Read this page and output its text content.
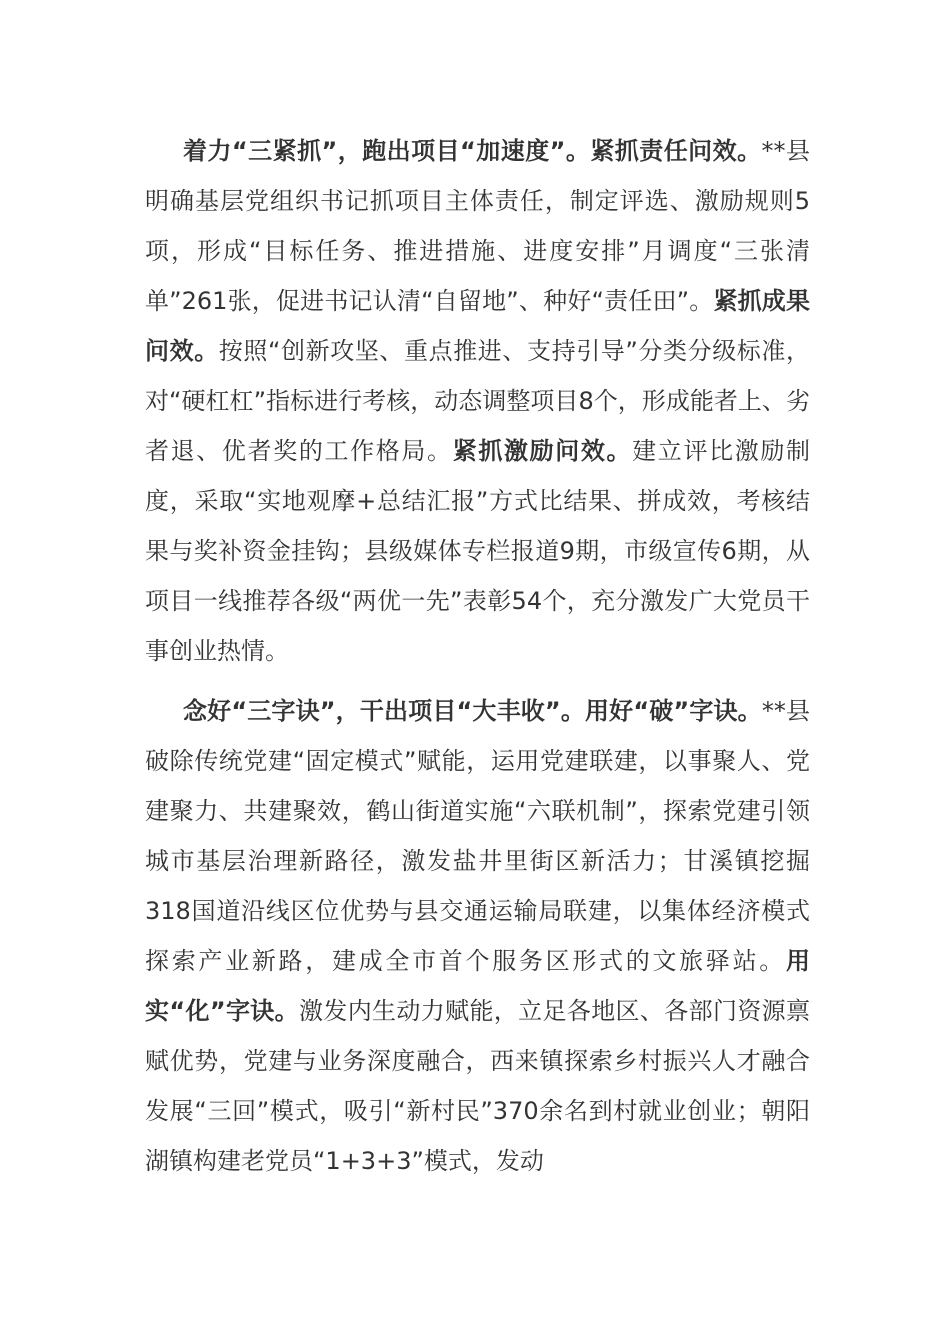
着力“三紧抓”，跑出项目“加速度”。紧抓责任问效。**县明确基层党组织书记抓项目主体责任，制定评选、激励规则5项，形成“目标任务、推进措施、进度安排”月调度“三张清单”261张，促进书记认清“自留地”、种好“责任田”。紧抓成果问效。按照“创新攻坚、重点推进、支持引导”分类分级标准，对“硬杠杠”指标进行考核，动态调整项目8个，形成能者上、劣者退、优者奖的工作格局。紧抓激励问效。建立评比激励制度，采取“实地观摩+总结汇报”方式比结果、拼成效，考核结果与奖补资金挂钩；县级媒体专栏报道9期，市级宣传6期，从项目一线推荐各级“两优一先”表彰54个，充分激发广大党员干事创业热情。

念好“三字诀”，干出项目“大丰收”。用好“破”字诀。**县破除传统党建“固定模式”赋能，运用党建联建，以事聚人、党建聚力、共建聚效，鹤山街道实施“六联机制”，探索党建引领城市基层治理新路径，激发盐井里街区新活力；甘溪镇挖掘318国道沿线区位优势与县交通运输局联建，以集体经济模式探索产业新路，建成全市首个服务区形式的文旅驿站。用实“化”字诀。激发内生动力赋能，立足各地区、各部门资源禀赋优势，党建与业务深度融合，西来镇探索乡村振兴人才融合发展“三回”模式，吸引“新村民”370余名到村就业创业；朝阳湖镇构建老党员“1+3+3”模式，发动
